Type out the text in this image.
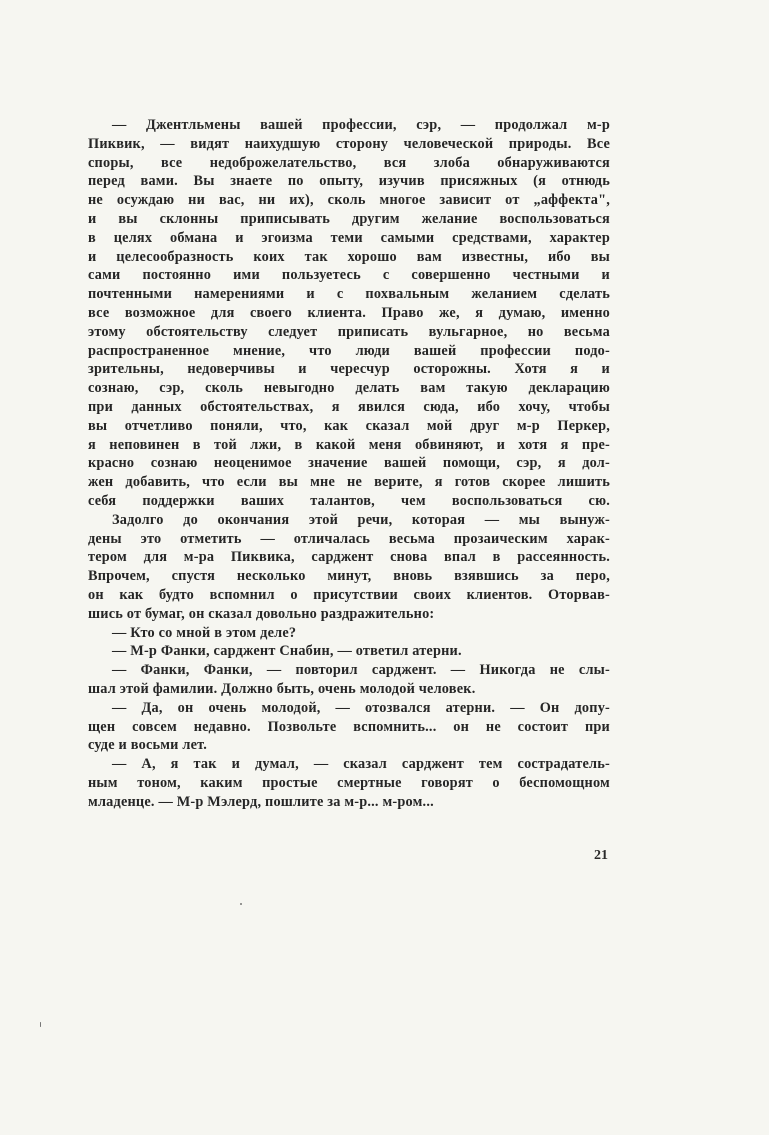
— Джентльмены вашей профессии, сэр, — продолжал м-р
Пиквик, — видят наихудшую сторону человеческой природы. Все
споры, все недоброжелательство, вся злоба обнаруживаются
перед вами. Вы знаете по опыту, изучив присяжных (я отнюдь
не осуждаю ни вас, ни их), сколь многое зависит от „аффекта",
и вы склонны приписывать другим желание воспользоваться
в целях обмана и эгоизма теми самыми средствами, характер
и целесообразность коих так хорошо вам известны, ибо вы
сами постоянно ими пользуетесь с совершенно честными и
почтенными намерениями и с похвальным желанием сделать
все возможное для своего клиента. Право же, я думаю, именно
этому обстоятельству следует приписать вульгарное, но весьма
распространенное мнение, что люди вашей профессии подо-
зрительны, недоверчивы и чересчур осторожны. Хотя я и
сознаю, сэр, сколь невыгодно делать вам такую декларацию
при данных обстоятельствах, я явился сюда, ибо хочу, чтобы
вы отчетливо поняли, что, как сказал мой друг м-р Перкер,
я неповинен в той лжи, в какой меня обвиняют, и хотя я пре-
красно сознаю неоценимое значение вашей помощи, сэр, я дол-
жен добавить, что если вы мне не верите, я готов скорее лишить
себя поддержки ваших талантов, чем воспользоваться сю.
Задолго до окончания этой речи, которая — мы вынуж-
дены это отметить — отличалась весьма прозаическим харак-
тером для м-ра Пиквика, сарджент снова впал в рассеянность.
Впрочем, спустя несколько минут, вновь взявшись за перо,
он как будто вспомнил о присутствии своих клиентов. Оторвав-
шись от бумаг, он сказал довольно раздражительно:
— Кто со мной в этом деле?
— М-р Фанки, сарджент Снабин, — ответил атерни.
— Фанки, Фанки, — повторил сарджент. — Никогда не слы-
шал этой фамилии. Должно быть, очень молодой человек.
— Да, он очень молодой, — отозвался атерни. — Он допу-
щен совсем недавно. Позвольте вспомнить... он не состоит при
суде и восьми лет.
— А, я так и думал, — сказал сарджент тем сострадатель-
ным тоном, каким простые смертные говорят о беспомощном
младенце. — М-р Мэлерд, пошлите за м-р... м-ром...
21
